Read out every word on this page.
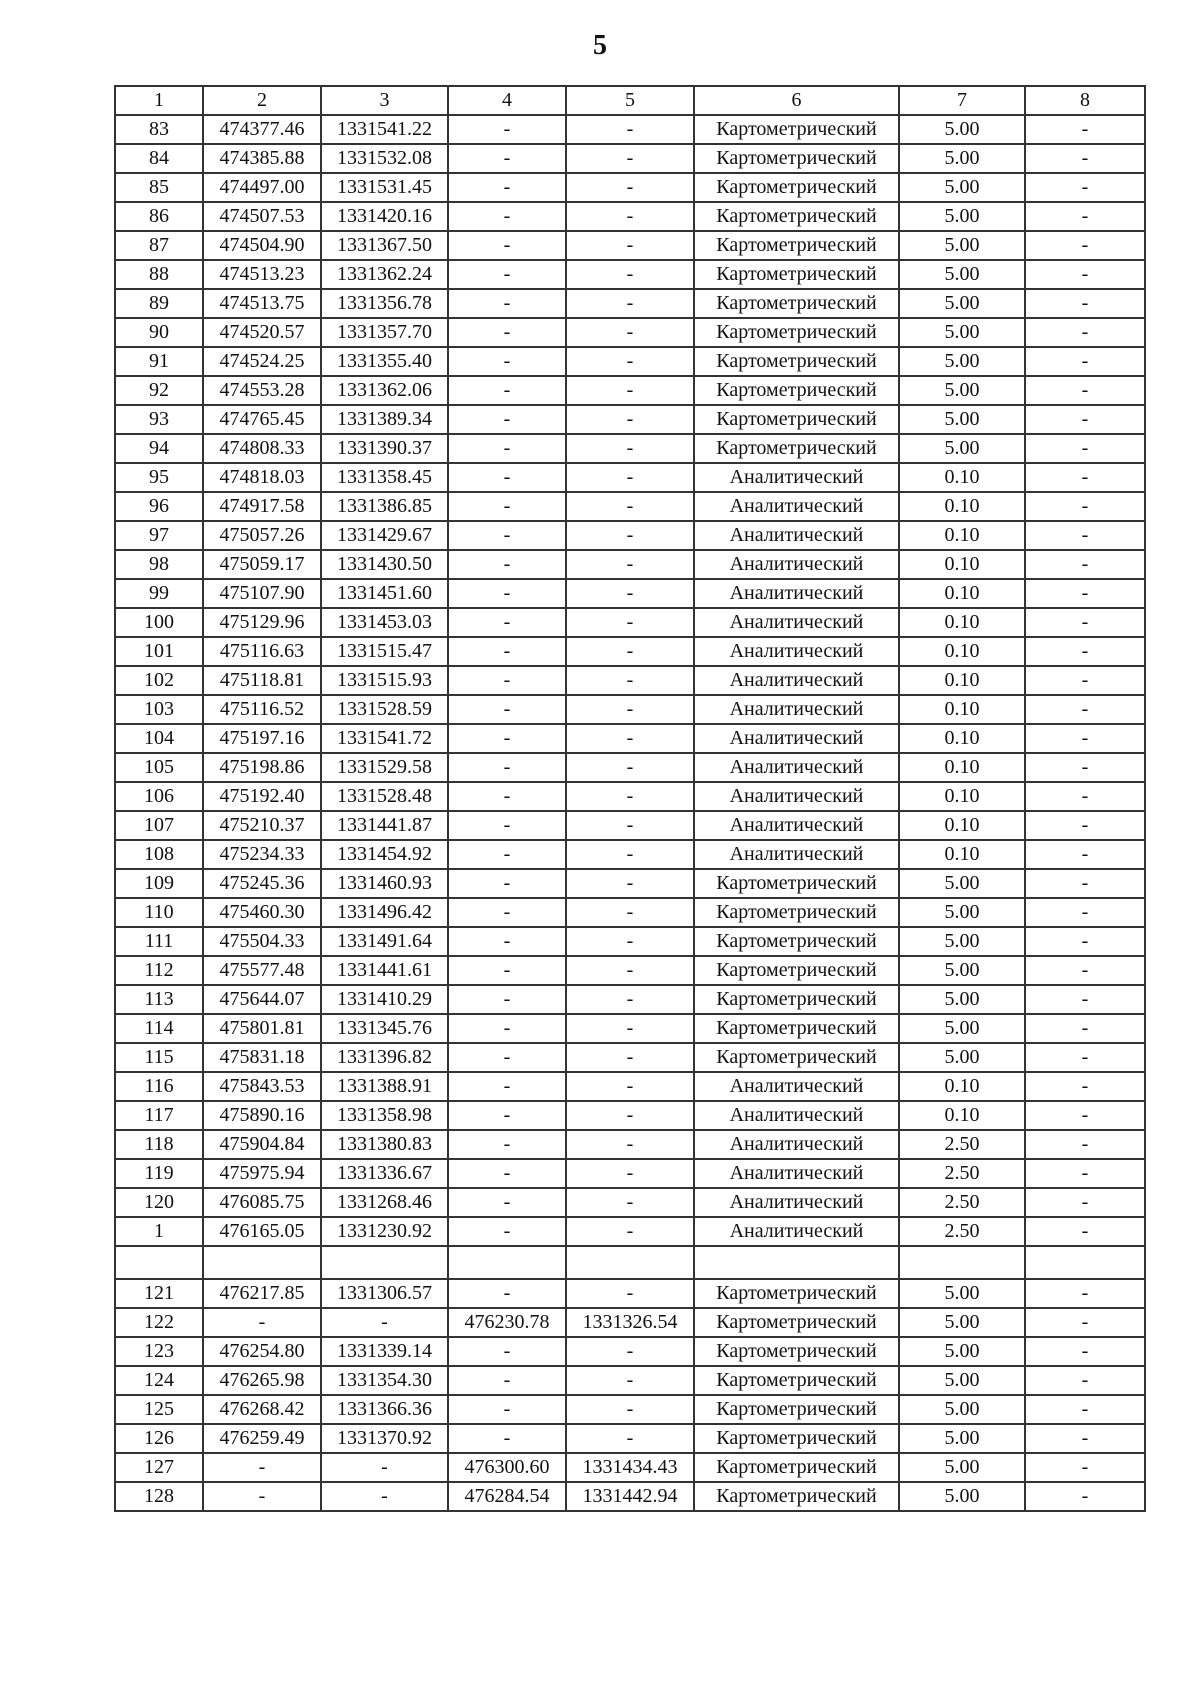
5
1	2	3	4	5	6	7	8
83	474377.46	1331541.22	-	-	Картометрический	5.00	-
84	474385.88	1331532.08	-	-	Картометрический	5.00	-
85	474497.00	1331531.45	-	-	Картометрический	5.00	-
86	474507.53	1331420.16	-	-	Картометрический	5.00	-
87	474504.90	1331367.50	-	-	Картометрический	5.00	-
88	474513.23	1331362.24	-	-	Картометрический	5.00	-
89	474513.75	1331356.78	-	-	Картометрический	5.00	-
90	474520.57	1331357.70	-	-	Картометрический	5.00	-
91	474524.25	1331355.40	-	-	Картометрический	5.00	-
92	474553.28	1331362.06	-	-	Картометрический	5.00	-
93	474765.45	1331389.34	-	-	Картометрический	5.00	-
94	474808.33	1331390.37	-	-	Картометрический	5.00	-
95	474818.03	1331358.45	-	-	Аналитический	0.10	-
96	474917.58	1331386.85	-	-	Аналитический	0.10	-
97	475057.26	1331429.67	-	-	Аналитический	0.10	-
98	475059.17	1331430.50	-	-	Аналитический	0.10	-
99	475107.90	1331451.60	-	-	Аналитический	0.10	-
100	475129.96	1331453.03	-	-	Аналитический	0.10	-
101	475116.63	1331515.47	-	-	Аналитический	0.10	-
102	475118.81	1331515.93	-	-	Аналитический	0.10	-
103	475116.52	1331528.59	-	-	Аналитический	0.10	-
104	475197.16	1331541.72	-	-	Аналитический	0.10	-
105	475198.86	1331529.58	-	-	Аналитический	0.10	-
106	475192.40	1331528.48	-	-	Аналитический	0.10	-
107	475210.37	1331441.87	-	-	Аналитический	0.10	-
108	475234.33	1331454.92	-	-	Аналитический	0.10	-
109	475245.36	1331460.93	-	-	Картометрический	5.00	-
110	475460.30	1331496.42	-	-	Картометрический	5.00	-
111	475504.33	1331491.64	-	-	Картометрический	5.00	-
112	475577.48	1331441.61	-	-	Картометрический	5.00	-
113	475644.07	1331410.29	-	-	Картометрический	5.00	-
114	475801.81	1331345.76	-	-	Картометрический	5.00	-
115	475831.18	1331396.82	-	-	Картометрический	5.00	-
116	475843.53	1331388.91	-	-	Аналитический	0.10	-
117	475890.16	1331358.98	-	-	Аналитический	0.10	-
118	475904.84	1331380.83	-	-	Аналитический	2.50	-
119	475975.94	1331336.67	-	-	Аналитический	2.50	-
120	476085.75	1331268.46	-	-	Аналитический	2.50	-
1	476165.05	1331230.92	-	-	Аналитический	2.50	-

121	476217.85	1331306.57	-	-	Картометрический	5.00	-
122	-	-	476230.78	1331326.54	Картометрический	5.00	-
123	476254.80	1331339.14	-	-	Картометрический	5.00	-
124	476265.98	1331354.30	-	-	Картометрический	5.00	-
125	476268.42	1331366.36	-	-	Картометрический	5.00	-
126	476259.49	1331370.92	-	-	Картометрический	5.00	-
127	-	-	476300.60	1331434.43	Картометрический	5.00	-
128	-	-	476284.54	1331442.94	Картометрический	5.00	-
